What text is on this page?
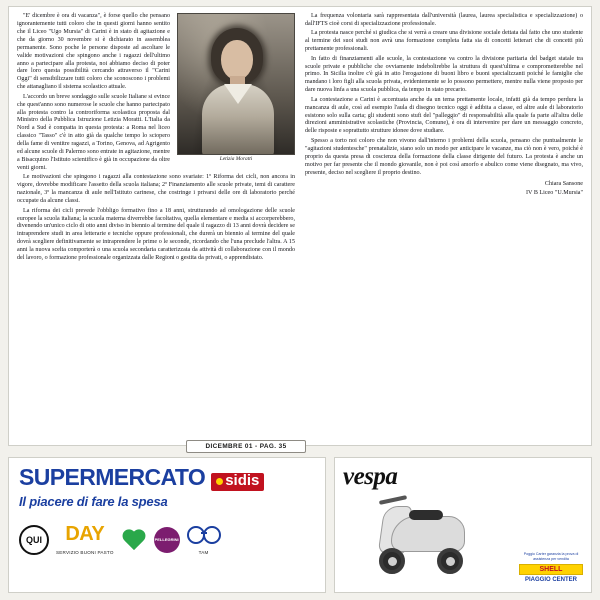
Letizia Moratti

"E' dicembre è ora di vacanza", è forse quello che pensano ignorantemente tutti coloro che in questi giorni hanno sentito che il Liceo "Ugo Mursia" di Carini è in stato di agitazione e che da giorno 30 novembre si è dichiarato in assemblea permanente. Sono poche le persone disposte ad ascoltare le valide motivazioni che spingono anche i ragazzi dell'ultimo anno a partecipare alla protesta, noi abbiamo deciso di poter dare loro questa possibilità cercando attraverso il "Carini Oggi" di sensibilizzare tutti coloro che sconoscono i problemi che attanagliano il sistema scolastico attuale.

L'accordo un breve sondaggio sulle scuole Italiane si evince che quest'anno sono numerose le scuole che hanno partecipato alla protesta contro la controriforma scolastica proposta dal Ministro della Pubblica Istruzione Letizia Moratti. L'Italia da Nord a Sud è compatta in questa protesta: a Roma nel liceo classico "Tasso" c'è in atto già da qualche tempo lo sciopero della fame di ventitre ragazzi, a Torino, Genova, ad Agrigento ed alcune scuole di Palermo sono entrate in agitazione, mentre a Bisacquino l'Istituto scientifico è già in occupazione da oltre venti giorni.

Le motivazioni che spingono i ragazzi alla contestazione sono svariate: 1º Riforma dei cicli, non ancora in vigore, dovrebbe modificare l'assetto della scuola italiana; 2º Finanziamento alle scuole private, temi di carattere nazionale, 3º la mancanza di aule nell'Istituto carinese, che costringe i privarsi delle ore di laboratorio perché occupate da alcune classi.

La riforma dei cicli prevede l'obbligo formativo fino a 18 anni, strutturando ad omologazione delle scuole europee la scuola italiana; la scuola materna diverrebbe facoltativa, quella elementare e media si accorperebbero, divenendo un'unico ciclo di otto anni diviso in biennio al termine del quale il ragazzo di 13 anni dovrà decidere se intraprendere studi in area letterarie e tecniche oppure professionali, che durerà un biennio al termine del quale dovrà scegliere definitivamente se intraprendere le prime o le seconde, ricordando che l'una preclude l'altra. A 15 anni la nuova scelta comporterà o una scuola secondaria caratterizzata da attività di collaborazione con il mondo del lavoro, o formazione professionale organizzata dalle Regioni o gestita da privati, o apprendistato.

La frequenza volontaria sarà rappresentata dall'università (laurea, laurea specialistica e specializzazione) o dall'IFTS cioè corsi di specializzazione professionale.

La protesta nasce perché si giudica che si verrà a creare una divisione sociale dettata dal fatto che uno studente al termine dei suoi studi non avrà una formazione completa fatta sia di concetti letterari che di concetti più prettamente professionali.

In fatto di finanziamenti alle scuole, la contestazione va contro la divisione paritaria del badget statale tra scuole private e pubbliche che ovviamente indebolirebbe la struttura di quest'ultima e comprometterebbe nel primo. In Sicilia inoltre c'è già in atto l'erogazione di buoni libro e buoni specializzanti poiché le famiglie che mandano i loro figli alla scuola privata, evidentemente se lo possono permettere, mentre nulla viene proposto per dare nuova linfa a una scuola pubblica, da tempo in stato precario.

La contestazione a Carini è accentuata anche da un tema prettamente locale, infatti già da tempo perdura la mancanza di aule, così ad esempio l'aula di disegno tecnico oggi è adibita a classe, ed altre aule di laboratorio esistono solo sulla carta; gli studenti sono stufi del "palleggio" di responsabilità alla quale fa parte all'altra delle direzioni amministrative scolastiche (Provincia, Comune), è ora di intervenire per dare un messaggio concreto, delle risposte e soprattutto strutture idonee dove studiare.

Spesso a torto noi coloro che non vivono dall'interno i problemi della scuola, pensano che puntualmente le "agitazioni studentesche" prenatalizie, siano solo un modo per anticipare le vacanze, ma ciò non è vero, poiché è proprio da questa presa di coscienza della formazione della classe dirigente del futuro. La protesta è anche un motivo per far presente che il mondo giovanile, non è poi così amorfo e abulico come viene disegnato, ma vivo, presente, deciso nel scegliere il proprio destino.

Chiara Sansone
IV B Liceo "U.Mursia"
DICEMBRE 01 - PAG. 35
SUPERMERCATO sidis
Il piacere di fare la spesa
QUI	DAY
SERVIZIO BUONI PASTO
PELLEGRINI
TAM
vespa
Poggio Carter garanzia la prova di assistenza per vendita
SHELL
PIAGGIO CENTER
